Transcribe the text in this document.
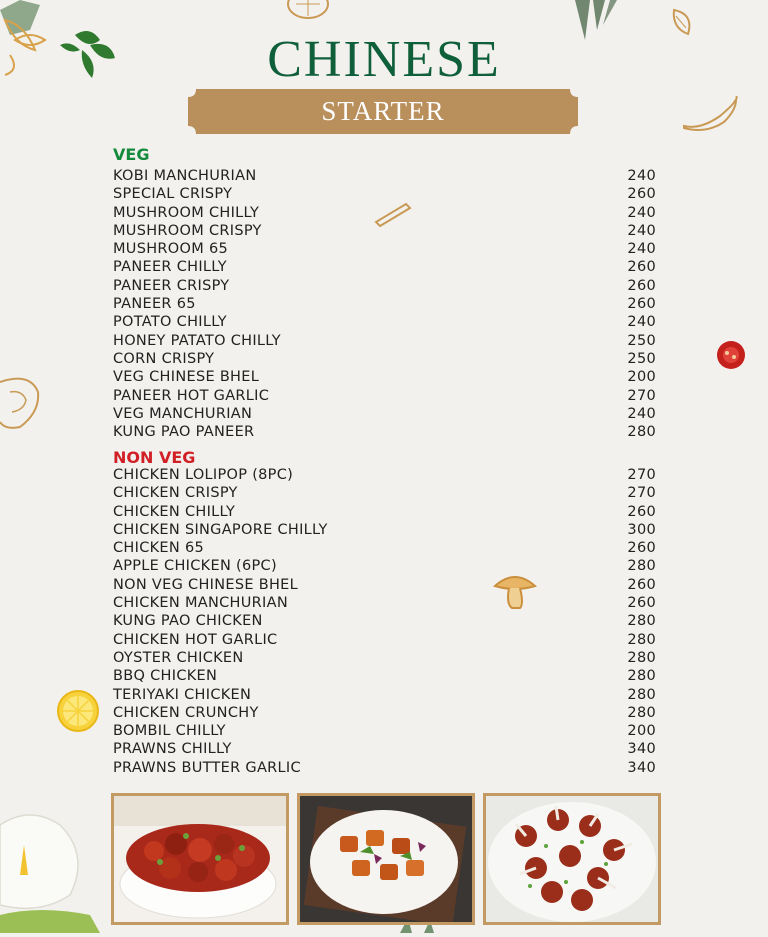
CHINESE
STARTER
VEG
KOBI MANCHURIAN	240
SPECIAL CRISPY	260
MUSHROOM CHILLY	240
MUSHROOM CRISPY	240
MUSHROOM 65	240
PANEER CHILLY	260
PANEER CRISPY	260
PANEER 65	260
POTATO CHILLY	240
HONEY PATATO CHILLY	250
CORN CRISPY	250
VEG CHINESE BHEL	200
PANEER HOT GARLIC	270
VEG MANCHURIAN	240
KUNG PAO PANEER	280
NON VEG
CHICKEN LOLIPOP (8PC)	270
CHICKEN CRISPY	270
CHICKEN CHILLY	260
CHICKEN SINGAPORE CHILLY	300
CHICKEN 65	260
APPLE CHICKEN (6PC)	280
NON VEG CHINESE BHEL	260
CHICKEN MANCHURIAN	260
KUNG PAO CHICKEN	280
CHICKEN HOT GARLIC	280
OYSTER CHICKEN	280
BBQ CHICKEN	280
TERIYAKI CHICKEN	280
CHICKEN CRUNCHY	280
BOMBIL CHILLY	200
PRAWNS CHILLY	340
PRAWNS BUTTER GARLIC	340
